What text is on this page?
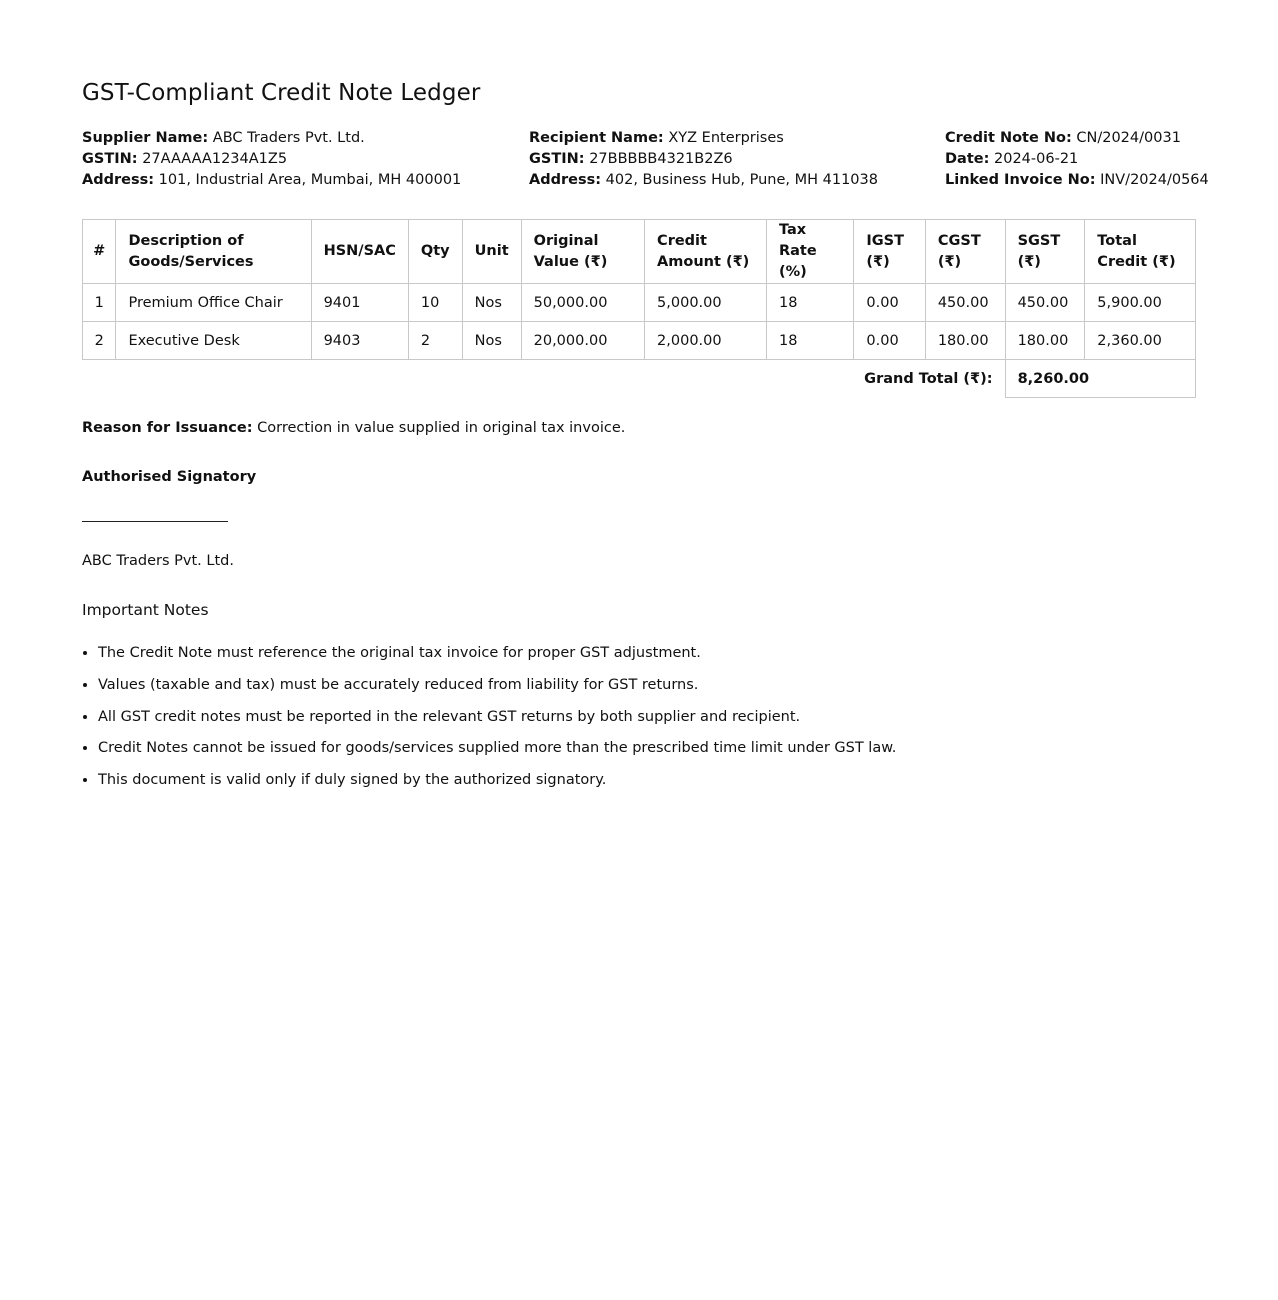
GST-Compliant Credit Note Ledger
Supplier Name: ABC Traders Pvt. Ltd.
GSTIN: 27AAAAA1234A1Z5
Address: 101, Industrial Area, Mumbai, MH 400001
Recipient Name: XYZ Enterprises
GSTIN: 27BBBBB4321B2Z6
Address: 402, Business Hub, Pune, MH 411038
Credit Note No: CN/2024/0031
Date: 2024-06-21
Linked Invoice No: INV/2024/0564
#	Description of Goods/Services	HSN/SAC	Qty	Unit	Original Value (₹)	Credit Amount (₹)	Tax Rate (%)	IGST (₹)	CGST (₹)	SGST (₹)	Total Credit (₹)
1	Premium Office Chair	9401	10	Nos	50,000.00	5,000.00	18	0.00	450.00	450.00	5,900.00
2	Executive Desk	9403	2	Nos	20,000.00	2,000.00	18	0.00	180.00	180.00	2,360.00
Grand Total (₹):										8,260.00	
Reason for Issuance: Correction in value supplied in original tax invoice.
Authorised Signatory
ABC Traders Pvt. Ltd.
Important Notes
• The Credit Note must reference the original tax invoice for proper GST adjustment.
• Values (taxable and tax) must be accurately reduced from liability for GST returns.
• All GST credit notes must be reported in the relevant GST returns by both supplier and recipient.
• Credit Notes cannot be issued for goods/services supplied more than the prescribed time limit under GST law.
• This document is valid only if duly signed by the authorized signatory.
